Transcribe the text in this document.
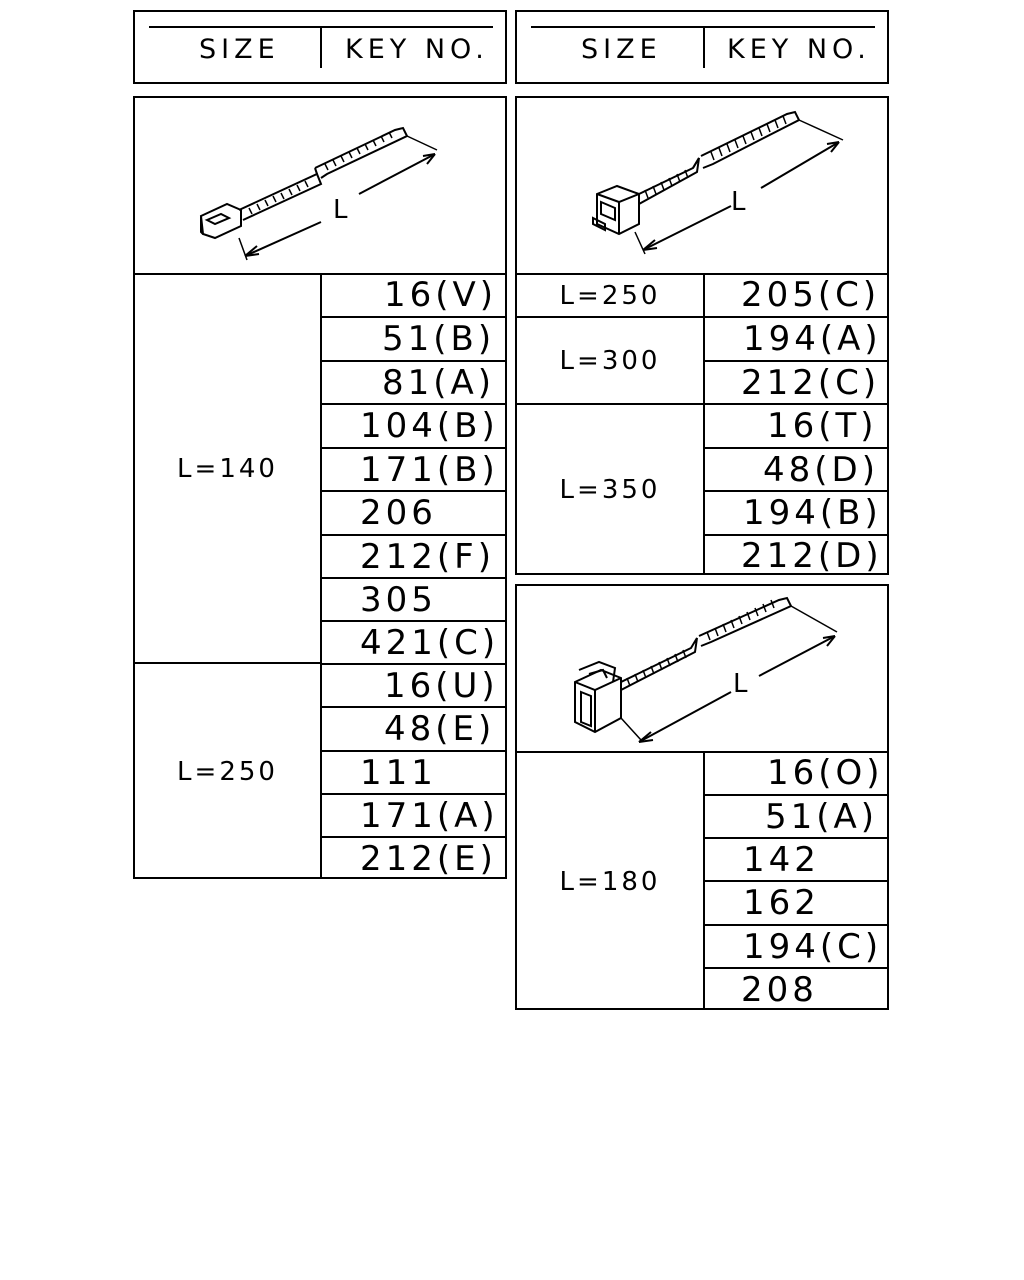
SIZE KEY NO.	SIZE KEY NO.
L
L=140
L=250
16(V)
51(B)
81(A)
104(B)
171(B)
206
212(F)
305
421(C)
16(U)
48(E)
111
171(A)
212(E)
L
L=250
L=300
L=350
205(C)
194(A)
212(C)
16(T)
48(D)
194(B)
212(D)
L
L=180
16(O)
51(A)
142
162
194(C)
208
